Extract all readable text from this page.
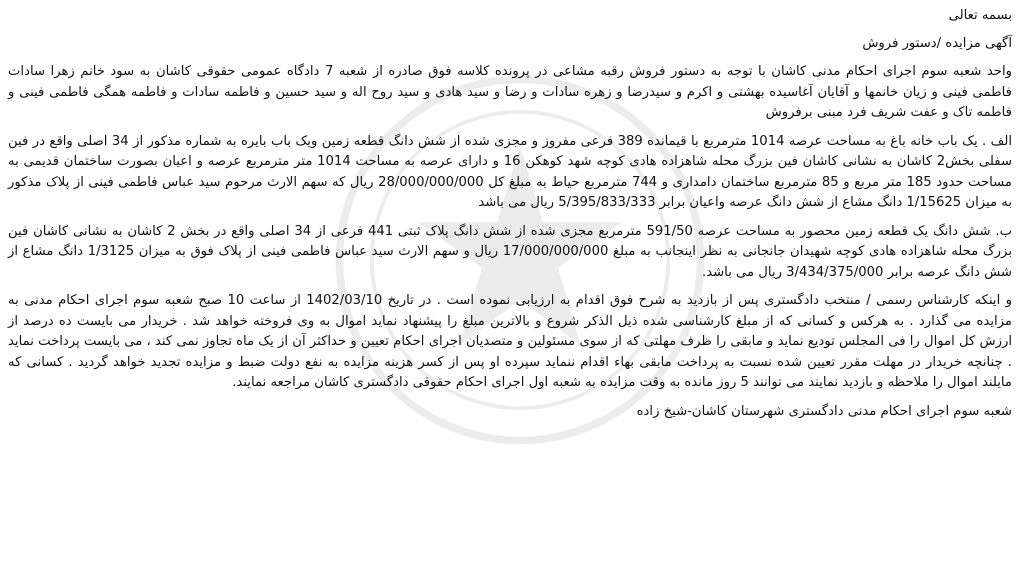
بسمه تعالی
آگهی مزایده /دستور فروش

واحد شعبه سوم اجرای احکام مدنی کاشان با توجه به دستور فروش رقبه مشاعی در پرونده کلاسه فوق صادره از شعبه 7 دادگاه عمومی حقوقی کاشان به سود خانم زهرا سادات فاطمی فینی و زیان خانمها و آقایان آغاسیده بهشتی و اکرم و سیدرضا و زهره سادات و رضا و سید هادی و سید روح اله و سید حسین و فاطمه سادات و فاطمه همگی فاطمی فینی و فاطمه تاک و عفت شریف فرد مبنی برفروش

الف . یک باب خانه باغ به مساحت عرصه 1014 مترمربع با قیمانده 389 فرعی مفروز و مجزی شده از شش دانگ قطعه زمین ویک باب بایره به شماره مذکور از 34 اصلی واقع در فین سفلی بخش2 کاشان به نشانی کاشان فین بزرگ محله شاهزاده هادی کوچه شهد کوهکن 16 و دارای عرصه به مساحت 1014 متر مترمربع عرصه و اعیان بصورت ساختمان قدیمی به مساحت حدود 185 متر مربع و 85 مترمربع ساختمان دامداری و 744 مترمربع حیاط به مبلغ کل 28/000/000/000 ریال که سهم الارث مرحوم سید عباس فاطمی فینی از پلاک مذکور به میزان 1/15625 دانگ مشاع از شش دانگ عرصه واعیان برابر 5/395/833/333 ریال می باشد

ب. شش دانگ یک قطعه زمین محصور به مساحت عرصه 591/50 مترمربع مجزی شده از شش دانگ پلاک ثبتی 441 فرعی از 34 اصلی واقع در بخش 2 کاشان به نشانی کاشان فین بزرگ محله شاهزاده هادی کوچه شهیدان جانجانی به نظر اینجانب به مبلغ 17/000/000/000 ریال و سهم الارث سید عباس فاطمی فینی از پلاک فوق به میزان 1/3125 دانگ مشاع از شش دانگ عرصه برابر 3/434/375/000 ریال می باشد.

و اینکه کارشناس رسمی / منتخب دادگستری پس از بازدید به شرح فوق اقدام به ارزیابی نموده است . در تاریخ 1402/03/10 از ساعت 10 صبح شعبه سوم اجرای احکام مدنی به مزایده می گذارد . به هرکس و کسانی که از مبلغ کارشناسی شده ذیل الذکر شروع و بالاترین مبلغ را پیشنهاد نماید اموال به وی فروخته خواهد شد . خریدار می بایست ده درصد از ارزش کل اموال را فی المجلس تودیع نماید و مابقی را ظرف مهلتی که از سوی مسئولین و متصدیان اجرای احکام تعیین و حداکثر آن از یک ماه تجاوز نمی کند ، می بایست پرداخت نماید . چنانچه خریدار در مهلت مقرر تعیین شده نسبت به پرداخت مابقی بهاء اقدام ننماید سپرده او پس از کسر هزینه مزایده به نفع دولت ضبط و مزایده تجدید خواهد گردید . کسانی که مایلند اموال را ملاحظه و بازدید نمایند می توانند 5 روز مانده به وقت مزایده به شعبه اول اجرای احکام حقوقی دادگستری کاشان مراجعه نمایند.

شعبه سوم اجرای احکام مدنی دادگستری شهرستان کاشان-شیخ زاده
